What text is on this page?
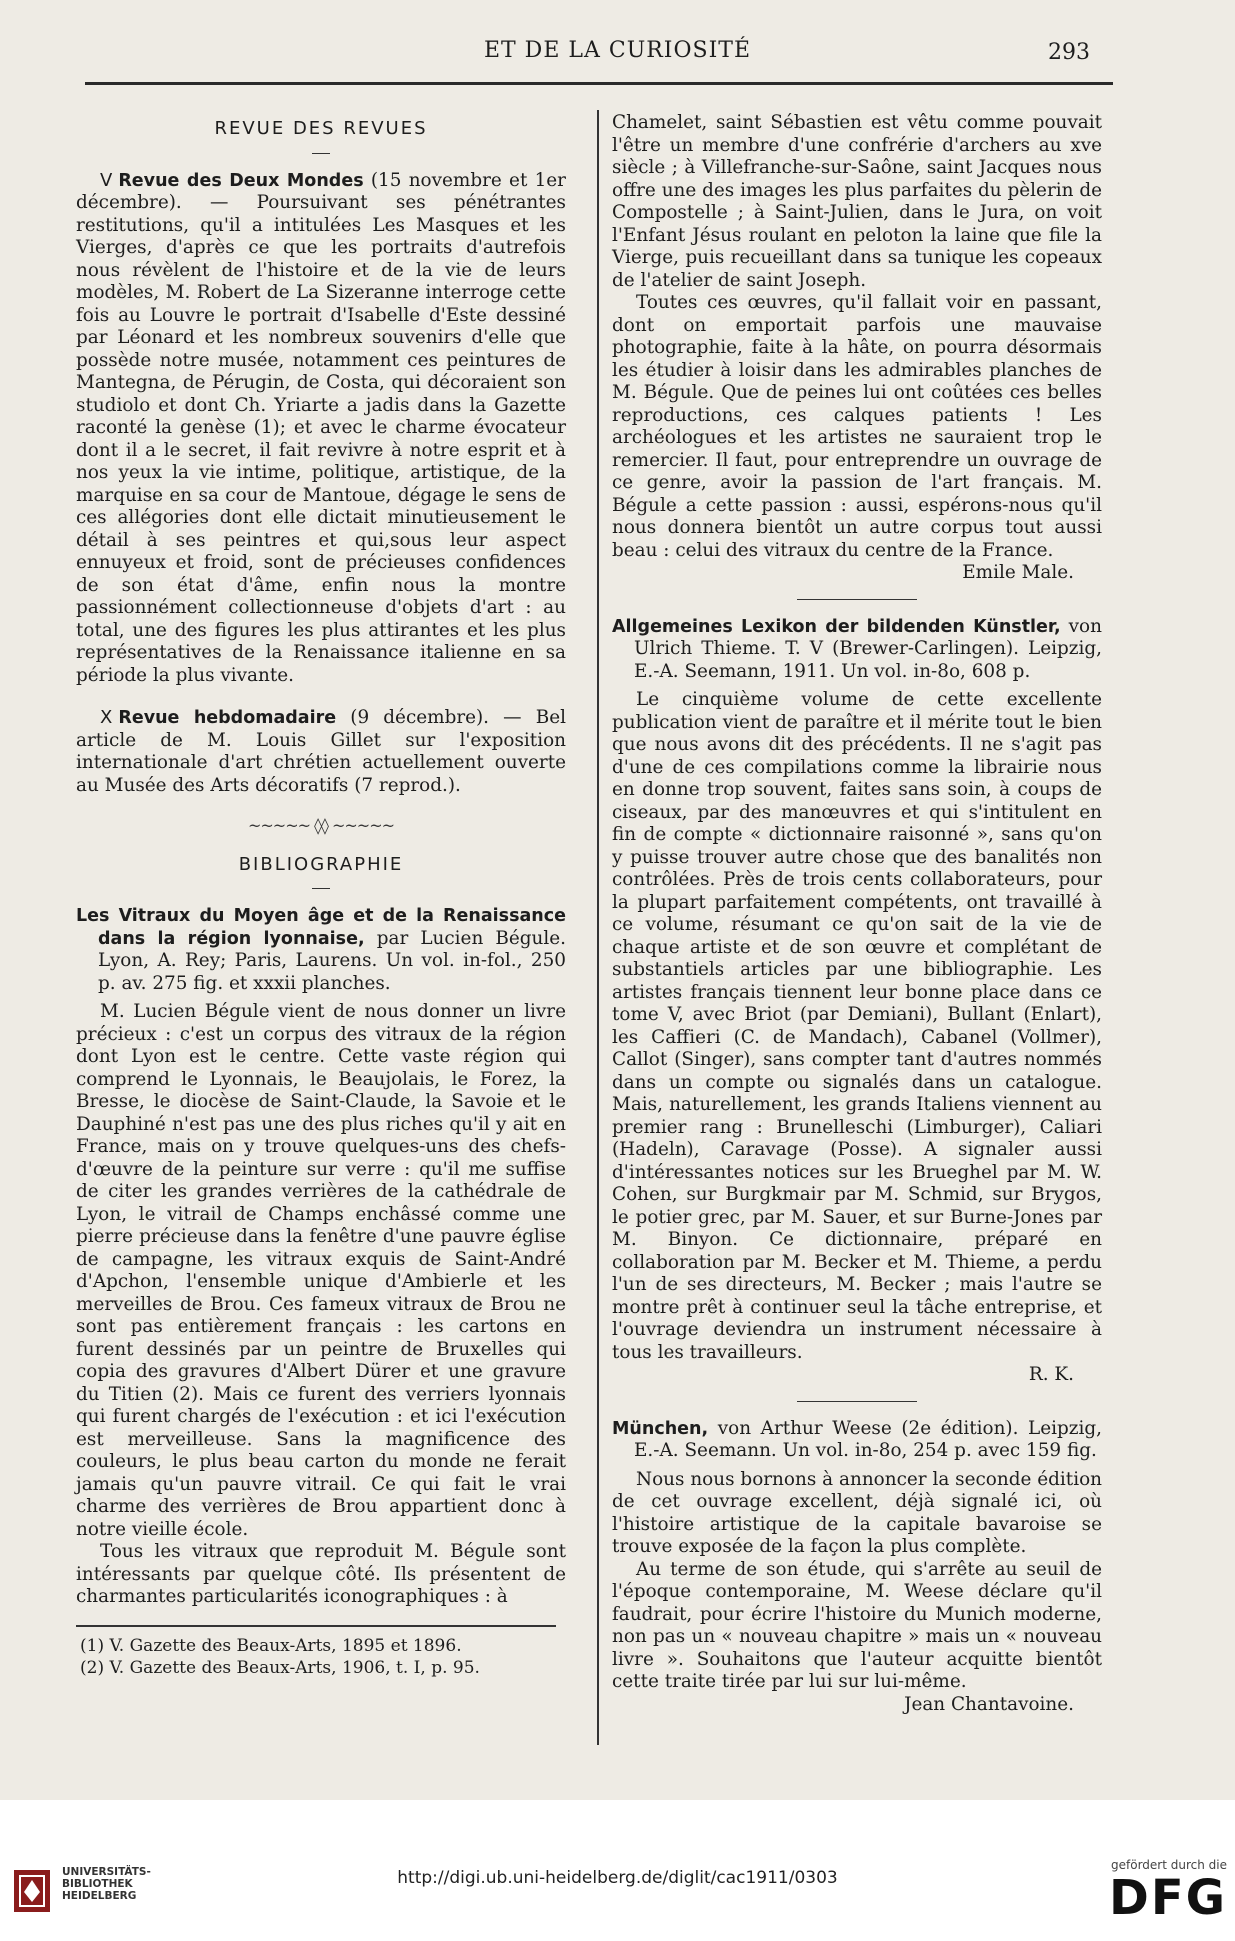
ET DE LA CURIOSITÉ	293
REVUE DES REVUES

V Revue des Deux Mondes (15 novembre et 1er décembre). — Poursuivant ses pénétrantes restitutions, qu'il a intitulées Les Masques et les Vierges, d'après ce que les portraits d'autrefois nous révèlent de l'histoire et de la vie de leurs modèles, M. Robert de La Sizeranne interroge cette fois au Louvre le portrait d'Isabelle d'Este dessiné par Léonard et les nombreux souvenirs d'elle que possède notre musée, notamment ces peintures de Mantegna, de Pérugin, de Costa, qui décoraient son studiolo et dont Ch. Yriarte a jadis dans la Gazette raconté la genèse (1); et avec le charme évocateur dont il a le secret, il fait revivre à notre esprit et à nos yeux la vie intime, politique, artistique, de la marquise en sa cour de Mantoue, dégage le sens de ces allégories dont elle dictait minutieusement le détail à ses peintres et qui,sous leur aspect ennuyeux et froid, sont de précieuses confidences de son état d'âme, enfin nous la montre passionnément collectionneuse d'objets d'art : au total, une des figures les plus attirantes et les plus représentatives de la Renaissance italienne en sa période la plus vivante.

X Revue hebdomadaire (9 décembre). — Bel article de M. Louis Gillet sur l'exposition internationale d'art chrétien actuellement ouverte au Musée des Arts décoratifs (7 reprod.).

~~~~~ ◊◊ ~~~~~
BIBLIOGRAPHIE

Les Vitraux du Moyen âge et de la Renaissance dans la région lyonnaise, par Lucien Bégule. Lyon, A. Rey; Paris, Laurens. Un vol. in-fol., 250 p. av. 275 fig. et xxxii planches.

M. Lucien Bégule vient de nous donner un livre précieux : c'est un corpus des vitraux de la région dont Lyon est le centre. Cette vaste région qui comprend le Lyonnais, le Beaujolais, le Forez, la Bresse, le diocèse de Saint-Claude, la Savoie et le Dauphiné n'est pas une des plus riches qu'il y ait en France, mais on y trouve quelques-uns des chefs-d'œuvre de la peinture sur verre : qu'il me suffise de citer les grandes verrières de la cathédrale de Lyon, le vitrail de Champs enchâssé comme une pierre précieuse dans la fenêtre d'une pauvre église de campagne, les vitraux exquis de Saint-André d'Apchon, l'ensemble unique d'Ambierle et les merveilles de Brou. Ces fameux vitraux de Brou ne sont pas entièrement français : les cartons en furent dessinés par un peintre de Bruxelles qui copia des gravures d'Albert Dürer et une gravure du Titien (2). Mais ce furent des verriers lyonnais qui furent chargés de l'exécution : et ici l'exécution est merveilleuse. Sans la magnificence des couleurs, le plus beau carton du monde ne ferait jamais qu'un pauvre vitrail. Ce qui fait le vrai charme des verrières de Brou appartient donc à notre vieille école.

Tous les vitraux que reproduit M. Bégule sont intéressants par quelque côté. Ils présentent de charmantes particularités iconographiques : à

(1) V. Gazette des Beaux-Arts, 1895 et 1896.
(2) V. Gazette des Beaux-Arts, 1906, t. I, p. 95.

Chamelet, saint Sébastien est vêtu comme pouvait l'être un membre d'une confrérie d'archers au xve siècle ; à Villefranche-sur-Saône, saint Jacques nous offre une des images les plus parfaites du pèlerin de Compostelle ; à Saint-Julien, dans le Jura, on voit l'Enfant Jésus roulant en peloton la laine que file la Vierge, puis recueillant dans sa tunique les copeaux de l'atelier de saint Joseph.

Toutes ces œuvres, qu'il fallait voir en passant, dont on emportait parfois une mauvaise photographie, faite à la hâte, on pourra désormais les étudier à loisir dans les admirables planches de M. Bégule. Que de peines lui ont coûtées ces belles reproductions, ces calques patients ! Les archéologues et les artistes ne sauraient trop le remercier. Il faut, pour entreprendre un ouvrage de ce genre, avoir la passion de l'art français. M. Bégule a cette passion : aussi, espérons-nous qu'il nous donnera bientôt un autre corpus tout aussi beau : celui des vitraux du centre de la France.

Emile Male.

Allgemeines Lexikon der bildenden Künstler, von Ulrich Thieme. T. V (Brewer-Carlingen). Leipzig, E.-A. Seemann, 1911. Un vol. in-8o, 608 p.

Le cinquième volume de cette excellente publication vient de paraître et il mérite tout le bien que nous avons dit des précédents. Il ne s'agit pas d'une de ces compilations comme la librairie nous en donne trop souvent, faites sans soin, à coups de ciseaux, par des manœuvres et qui s'intitulent en fin de compte « dictionnaire raisonné », sans qu'on y puisse trouver autre chose que des banalités non contrôlées. Près de trois cents collaborateurs, pour la plupart parfaitement compétents, ont travaillé à ce volume, résumant ce qu'on sait de la vie de chaque artiste et de son œuvre et complétant de substantiels articles par une bibliographie. Les artistes français tiennent leur bonne place dans ce tome V, avec Briot (par Demiani), Bullant (Enlart), les Caffieri (C. de Mandach), Cabanel (Vollmer), Callot (Singer), sans compter tant d'autres nommés dans un compte ou signalés dans un catalogue. Mais, naturellement, les grands Italiens viennent au premier rang : Brunelleschi (Limburger), Caliari (Hadeln), Caravage (Posse). A signaler aussi d'intéressantes notices sur les Brueghel par M. W. Cohen, sur Burgkmair par M. Schmid, sur Brygos, le potier grec, par M. Sauer, et sur Burne-Jones par M. Binyon. Ce dictionnaire, préparé en collaboration par M. Becker et M. Thieme, a perdu l'un de ses directeurs, M. Becker ; mais l'autre se montre prêt à continuer seul la tâche entreprise, et l'ouvrage deviendra un instrument nécessaire à tous les travailleurs.

R. K.

München, von Arthur Weese (2e édition). Leipzig, E.-A. Seemann. Un vol. in-8o, 254 p. avec 159 fig.

Nous nous bornons à annoncer la seconde édition de cet ouvrage excellent, déjà signalé ici, où l'histoire artistique de la capitale bavaroise se trouve exposée de la façon la plus complète.

Au terme de son étude, qui s'arrête au seuil de l'époque contemporaine, M. Weese déclare qu'il faudrait, pour écrire l'histoire du Munich moderne, non pas un « nouveau chapitre » mais un « nouveau livre ». Souhaitons que l'auteur acquitte bientôt cette traite tirée par lui sur lui-même.

Jean Chantavoine.
UNIVERSITÄTS-
BIBLIOTHEK
HEIDELBERG
http://digi.ub.uni-heidelberg.de/diglit/cac1911/0303
gefördert durch die
DFG
